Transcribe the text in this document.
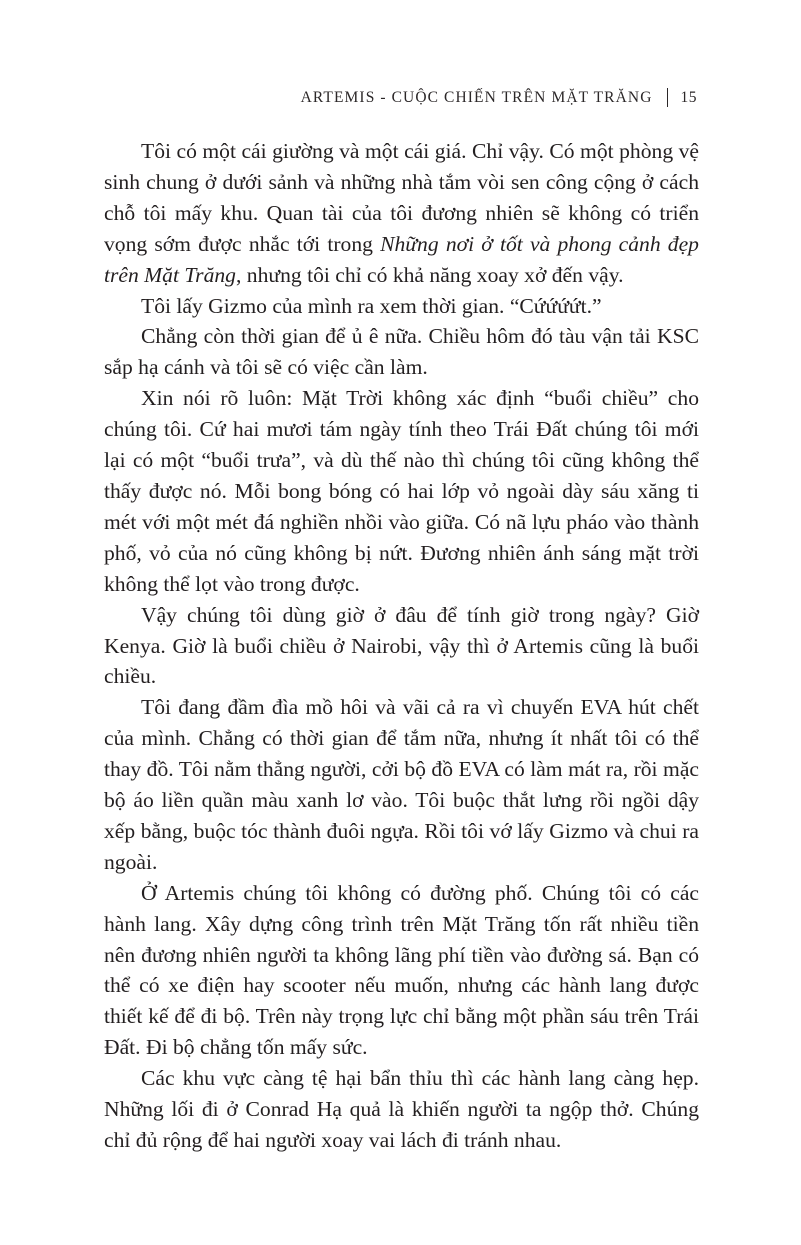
ARTEMIS - CUỘC CHIẾN TRÊN MẶT TRĂNG 15

Tôi có một cái giường và một cái giá. Chỉ vậy. Có một phòng vệ sinh chung ở dưới sảnh và những nhà tắm vòi sen công cộng ở cách chỗ tôi mấy khu. Quan tài của tôi đương nhiên sẽ không có triển vọng sớm được nhắc tới trong Những nơi ở tốt và phong cảnh đẹp trên Mặt Trăng, nhưng tôi chỉ có khả năng xoay xở đến vậy.

Tôi lấy Gizmo của mình ra xem thời gian. “Cứứứứt.”

Chẳng còn thời gian để ủ ê nữa. Chiều hôm đó tàu vận tải KSC sắp hạ cánh và tôi sẽ có việc cần làm.

Xin nói rõ luôn: Mặt Trời không xác định “buổi chiều” cho chúng tôi. Cứ hai mươi tám ngày tính theo Trái Đất chúng tôi mới lại có một “buổi trưa”, và dù thế nào thì chúng tôi cũng không thể thấy được nó. Mỗi bong bóng có hai lớp vỏ ngoài dày sáu xăng ti mét với một mét đá nghiền nhồi vào giữa. Có nã lựu pháo vào thành phố, vỏ của nó cũng không bị nứt. Đương nhiên ánh sáng mặt trời không thể lọt vào trong được.

Vậy chúng tôi dùng giờ ở đâu để tính giờ trong ngày? Giờ Kenya. Giờ là buổi chiều ở Nairobi, vậy thì ở Artemis cũng là buổi chiều.

Tôi đang đầm đìa mồ hôi và vãi cả ra vì chuyến EVA hút chết của mình. Chẳng có thời gian để tắm nữa, nhưng ít nhất tôi có thể thay đồ. Tôi nằm thẳng người, cởi bộ đồ EVA có làm mát ra, rồi mặc bộ áo liền quần màu xanh lơ vào. Tôi buộc thắt lưng rồi ngồi dậy xếp bằng, buộc tóc thành đuôi ngựa. Rồi tôi vớ lấy Gizmo và chui ra ngoài.

Ở Artemis chúng tôi không có đường phố. Chúng tôi có các hành lang. Xây dựng công trình trên Mặt Trăng tốn rất nhiều tiền nên đương nhiên người ta không lãng phí tiền vào đường sá. Bạn có thể có xe điện hay scooter nếu muốn, nhưng các hành lang được thiết kế để đi bộ. Trên này trọng lực chỉ bằng một phần sáu trên Trái Đất. Đi bộ chẳng tốn mấy sức.

Các khu vực càng tệ hại bẩn thỉu thì các hành lang càng hẹp. Những lối đi ở Conrad Hạ quả là khiến người ta ngộp thở. Chúng chỉ đủ rộng để hai người xoay vai lách đi tránh nhau.
